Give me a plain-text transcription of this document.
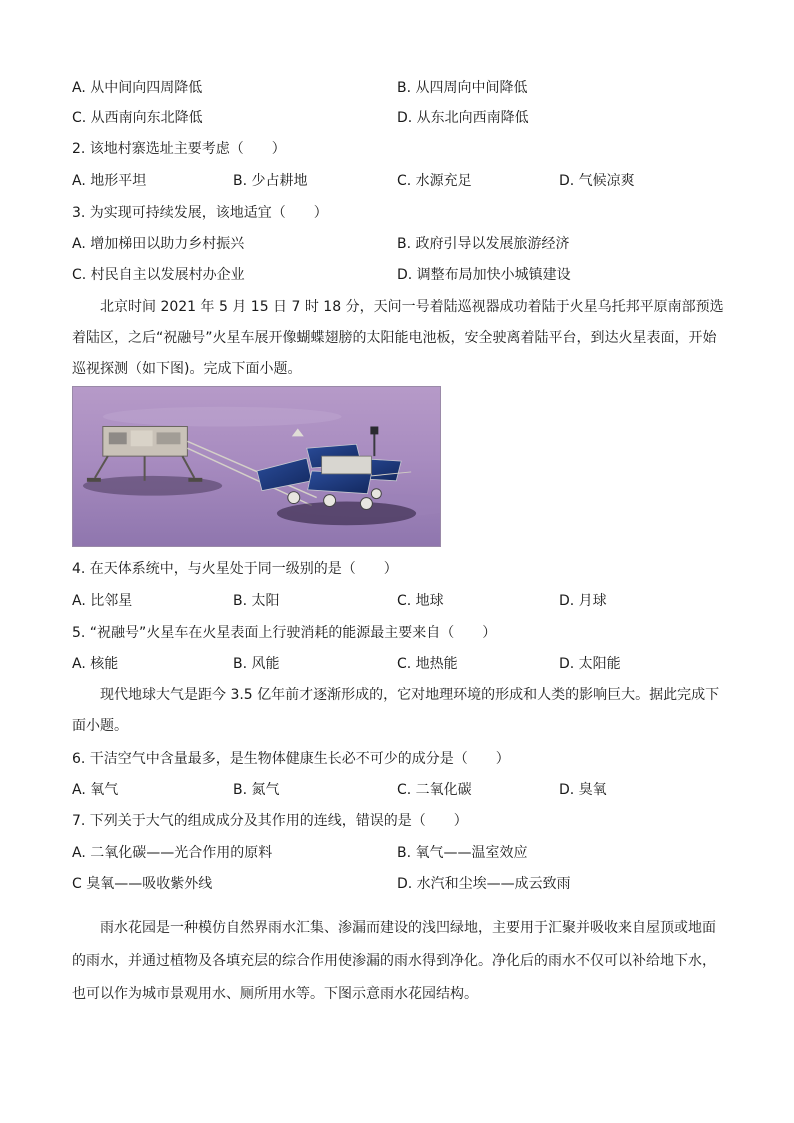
A. 从中间向四周降低	B. 从四周向中间降低
C. 从西南向东北降低	D. 从东北向西南降低
2. 该地村寨选址主要考虑（　　）
A. 地形平坦	B. 少占耕地	C. 水源充足	D. 气候凉爽
3. 为实现可持续发展，该地适宜（　　）
A. 增加梯田以助力乡村振兴	B. 政府引导以发展旅游经济
C. 村民自主以发展村办企业	D. 调整布局加快小城镇建设

北京时间 2021 年 5 月 15 日 7 时 18 分，天问一号着陆巡视器成功着陆于火星乌托邦平原南部预选着陆区，之后“祝融号”火星车展开像蝴蝶翅膀的太阳能电池板，安全驶离着陆平台，到达火星表面，开始巡视探测（如下图)。完成下面小题。

4. 在天体系统中，与火星处于同一级别的是（　　）
A. 比邻星	B. 太阳	C. 地球	D. 月球
5. “祝融号”火星车在火星表面上行驶消耗的能源最主要来自（　　）
A. 核能	B. 风能	C. 地热能	D. 太阳能

现代地球大气是距今 3.5 亿年前才逐渐形成的，它对地理环境的形成和人类的影响巨大。据此完成下面小题。

6. 干洁空气中含量最多，是生物体健康生长必不可少的成分是（　　）
A. 氧气	B. 氮气	C. 二氧化碳	D. 臭氧
7. 下列关于大气的组成成分及其作用的连线，错误的是（　　）
A. 二氧化碳——光合作用的原料	B. 氧气——温室效应
C 臭氧——吸收紫外线	D. 水汽和尘埃——成云致雨

雨水花园是一种模仿自然界雨水汇集、渗漏而建设的浅凹绿地，主要用于汇聚并吸收来自屋顶或地面的雨水，并通过植物及各填充层的综合作用使渗漏的雨水得到净化。净化后的雨水不仅可以补给地下水，也可以作为城市景观用水、厕所用水等。下图示意雨水花园结构。
